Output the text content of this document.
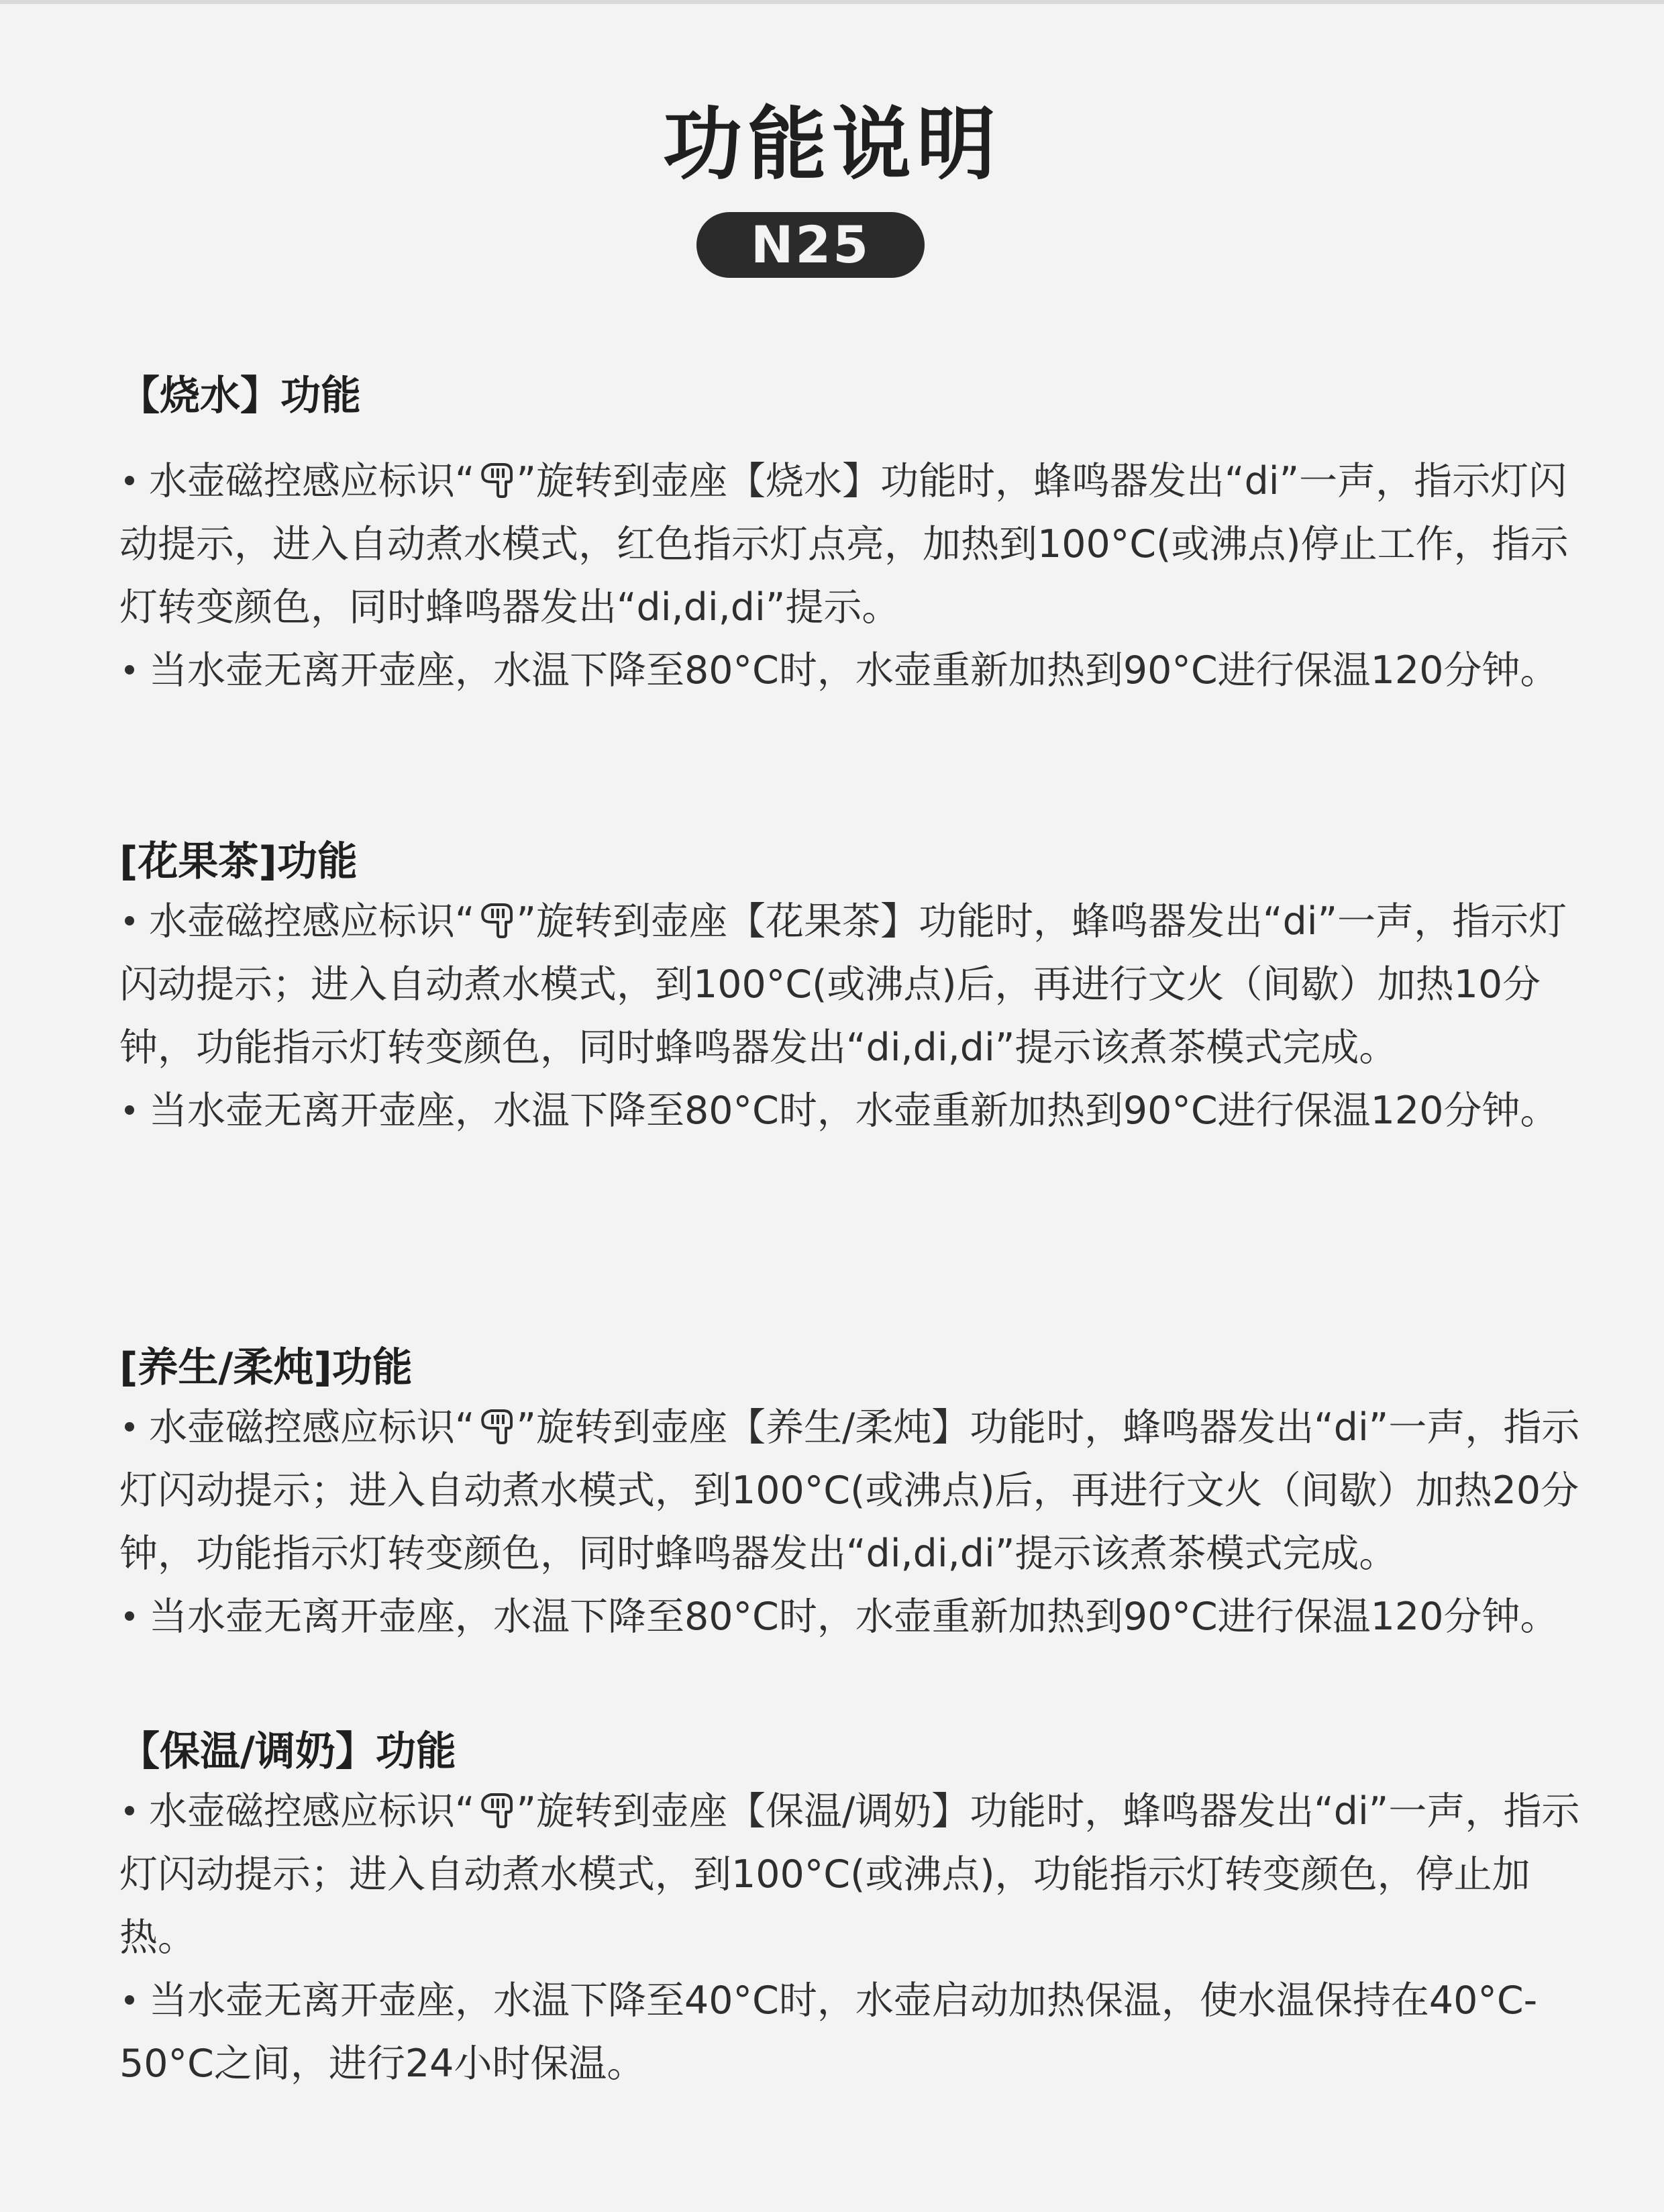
功能说明
N25
【烧水】功能

水壶磁控感应标识“ ”旋转到壶座【烧水】功能时，蜂鸣器发出“di”一声，指示灯闪动提示，进入自动煮水模式，红色指示灯点亮，加热到100°C(或沸点)停止工作，指示灯转变颜色，同时蜂鸣器发出“di,di,di”提示。

当水壶无离开壶座，水温下降至80°C时，水壶重新加热到90°C进行保温120分钟。

[花果茶]功能

水壶磁控感应标识“ ”旋转到壶座【花果茶】功能时，蜂鸣器发出“di”一声，指示灯闪动提示；进入自动煮水模式，到100°C(或沸点)后，再进行文火（间歇）加热10分钟，功能指示灯转变颜色，同时蜂鸣器发出“di,di,di”提示该煮茶模式完成。

当水壶无离开壶座，水温下降至80°C时，水壶重新加热到90°C进行保温120分钟。

[养生/柔炖]功能

水壶磁控感应标识“ ”旋转到壶座【养生/柔炖】功能时，蜂鸣器发出“di”一声，指示灯闪动提示；进入自动煮水模式，到100°C(或沸点)后，再进行文火（间歇）加热20分钟，功能指示灯转变颜色，同时蜂鸣器发出“di,di,di”提示该煮茶模式完成。

当水壶无离开壶座，水温下降至80°C时，水壶重新加热到90°C进行保温120分钟。

【保温/调奶】功能

水壶磁控感应标识“ ”旋转到壶座【保温/调奶】功能时，蜂鸣器发出“di”一声，指示灯闪动提示；进入自动煮水模式，到100°C(或沸点)，功能指示灯转变颜色，停止加热。

当水壶无离开壶座，水温下降至40°C时，水壶启动加热保温，使水温保持在40°C-50°C之间，进行24小时保温。
